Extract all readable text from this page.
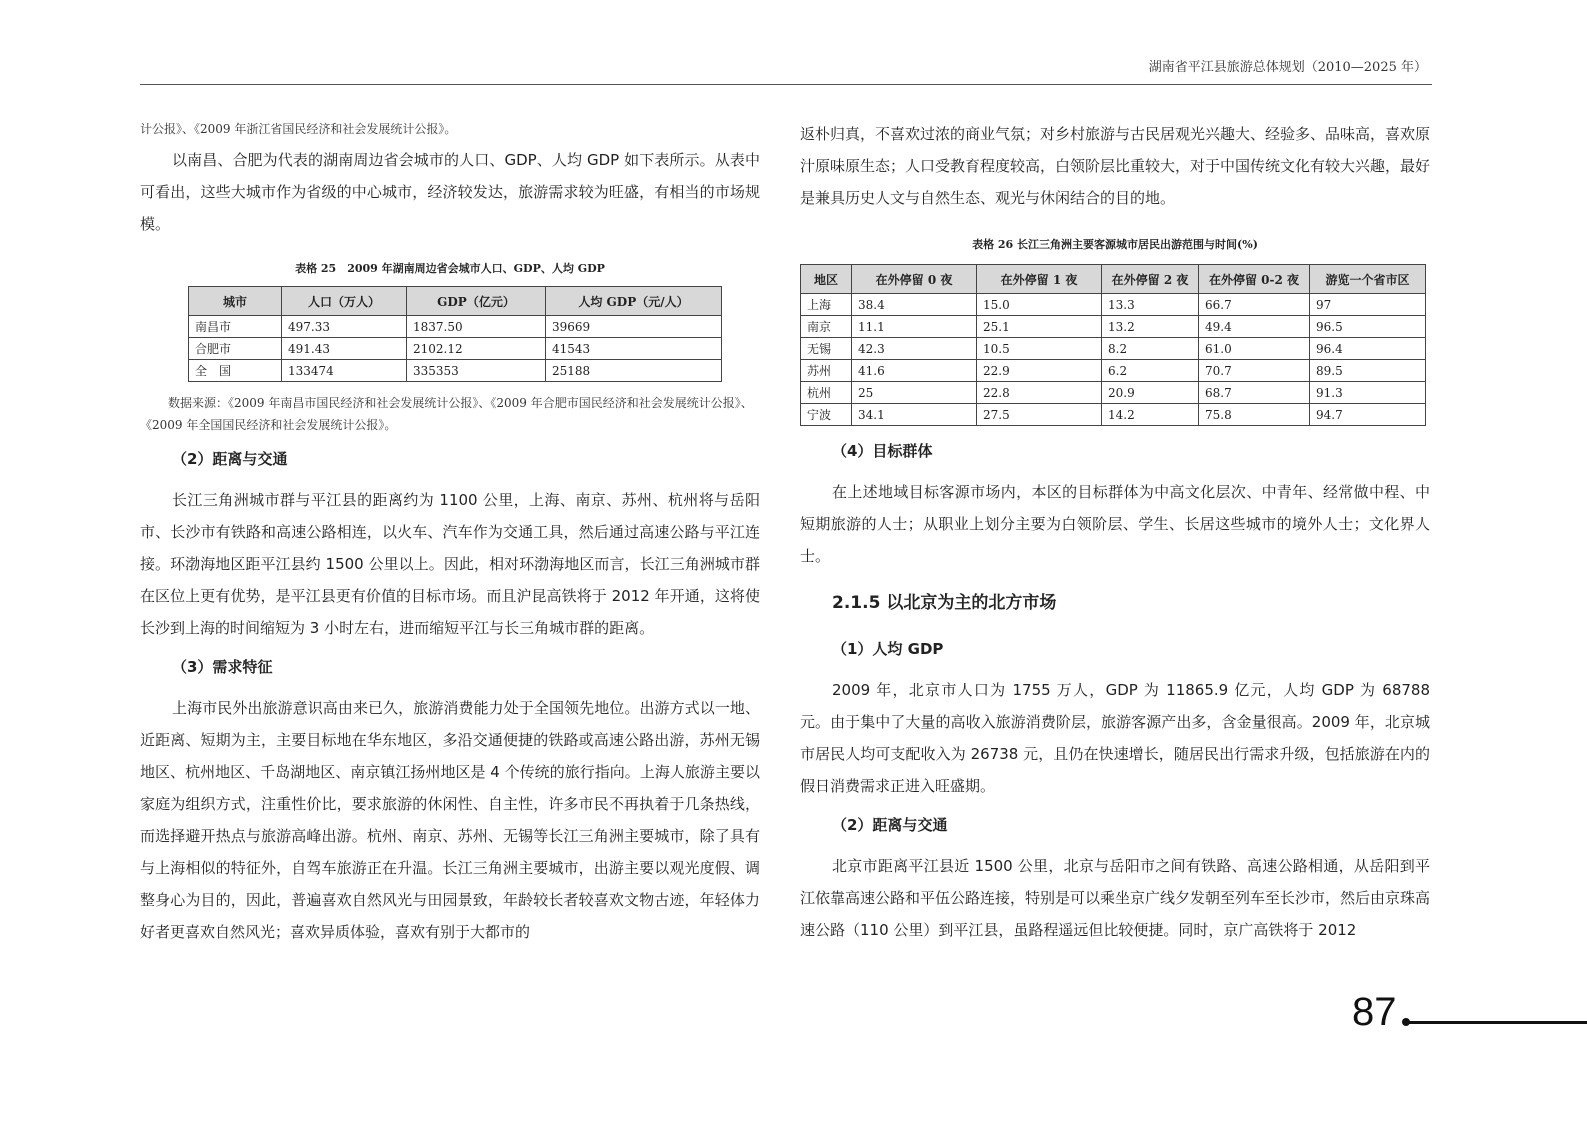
湖南省平江县旅游总体规划（2010—2025 年）

计公报》、《2009 年浙江省国民经济和社会发展统计公报》。

以南昌、合肥为代表的湖南周边省会城市的人口、GDP、人均 GDP 如下表所示。从表中可看出，这些大城市作为省级的中心城市，经济较发达，旅游需求较为旺盛，有相当的市场规模。

表格 25　2009 年湖南周边省会城市人口、GDP、人均 GDP

城市	人口（万人）	GDP（亿元）	人均 GDP（元/人）
南昌市	497.33	1837.50	39669
合肥市	491.43	2102.12	41543
全　国	133474	335353	25188

数据来源：《2009 年南昌市国民经济和社会发展统计公报》、《2009 年合肥市国民经济和社会发展统计公报》、《2009 年全国国民经济和社会发展统计公报》。

（2）距离与交通

长江三角洲城市群与平江县的距离约为 1100 公里，上海、南京、苏州、杭州将与岳阳市、长沙市有铁路和高速公路相连，以火车、汽车作为交通工具，然后通过高速公路与平江连接。环渤海地区距平江县约 1500 公里以上。因此，相对环渤海地区而言，长江三角洲城市群在区位上更有优势，是平江县更有价值的目标市场。而且沪昆高铁将于 2012 年开通，这将使长沙到上海的时间缩短为 3 小时左右，进而缩短平江与长三角城市群的距离。

（3）需求特征

上海市民外出旅游意识高由来已久，旅游消费能力处于全国领先地位。出游方式以一地、近距离、短期为主，主要目标地在华东地区，多沿交通便捷的铁路或高速公路出游，苏州无锡地区、杭州地区、千岛湖地区、南京镇江扬州地区是 4 个传统的旅行指向。上海人旅游主要以家庭为组织方式，注重性价比，要求旅游的休闲性、自主性，许多市民不再执着于几条热线，而选择避开热点与旅游高峰出游。杭州、南京、苏州、无锡等长江三角洲主要城市，除了具有与上海相似的特征外，自驾车旅游正在升温。长江三角洲主要城市，出游主要以观光度假、调整身心为目的，因此，普遍喜欢自然风光与田园景致，年龄较长者较喜欢文物古迹，年轻体力好者更喜欢自然风光；喜欢异质体验，喜欢有别于大都市的

返朴归真，不喜欢过浓的商业气氛；对乡村旅游与古民居观光兴趣大、经验多、品味高，喜欢原汁原味原生态；人口受教育程度较高，白领阶层比重较大，对于中国传统文化有较大兴趣，最好是兼具历史人文与自然生态、观光与休闲结合的目的地。

表格 26 长江三角洲主要客源城市居民出游范围与时间(%)

地区	在外停留 0 夜	在外停留 1 夜	在外停留 2 夜	在外停留 0-2 夜	游览一个省市区
上海	38.4	15.0	13.3	66.7	97
南京	11.1	25.1	13.2	49.4	96.5
无锡	42.3	10.5	8.2	61.0	96.4
苏州	41.6	22.9	6.2	70.7	89.5
杭州	25	22.8	20.9	68.7	91.3
宁波	34.1	27.5	14.2	75.8	94.7

（4）目标群体

在上述地域目标客源市场内，本区的目标群体为中高文化层次、中青年、经常做中程、中短期旅游的人士；从职业上划分主要为白领阶层、学生、长居这些城市的境外人士；文化界人士。

2.1.5 以北京为主的北方市场

（1）人均 GDP

2009 年，北京市人口为 1755 万人，GDP 为 11865.9 亿元，人均 GDP 为 68788 元。由于集中了大量的高收入旅游消费阶层，旅游客源产出多，含金量很高。2009 年，北京城市居民人均可支配收入为 26738 元，且仍在快速增长，随居民出行需求升级，包括旅游在内的假日消费需求正进入旺盛期。

（2）距离与交通

北京市距离平江县近 1500 公里，北京与岳阳市之间有铁路、高速公路相通，从岳阳到平江依靠高速公路和平伍公路连接，特别是可以乘坐京广线夕发朝至列车至长沙市，然后由京珠高速公路（110 公里）到平江县，虽路程遥远但比较便捷。同时，京广高铁将于 2012

87
